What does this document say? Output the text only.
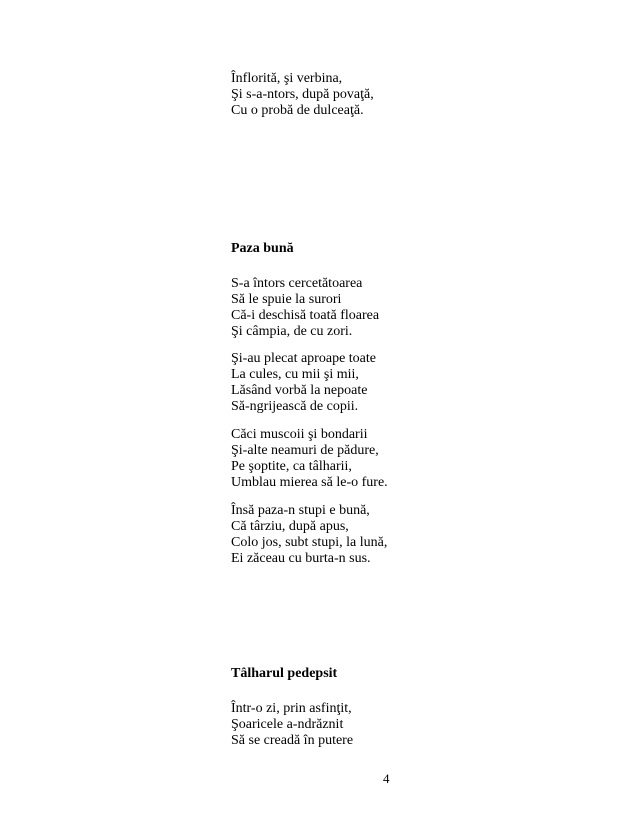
Înflorită, şi verbina,
Şi s-a-ntors, după povaţă,
Cu o probă de dulceaţă.
Paza bună
S-a întors cercetătoarea
Să le spuie la surori
Că-i deschisă toată floarea
Şi câmpia, de cu zori.
Şi-au plecat aproape toate
La cules, cu mii şi mii,
Lăsând vorbă la nepoate
Să-ngrijească de copii.
Căci muscoii şi bondarii
Şi-alte neamuri de pădure,
Pe şoptite, ca tâlharii,
Umblau mierea să le-o fure.
Însă paza-n stupi e bună,
Că târziu, după apus,
Colo jos, subt stupi, la lună,
Ei zăceau cu burta-n sus.
Tâlharul pedepsit
Într-o zi, prin asfinţit,
Şoaricele a-ndrăznit
Să se creadă în putere
4
